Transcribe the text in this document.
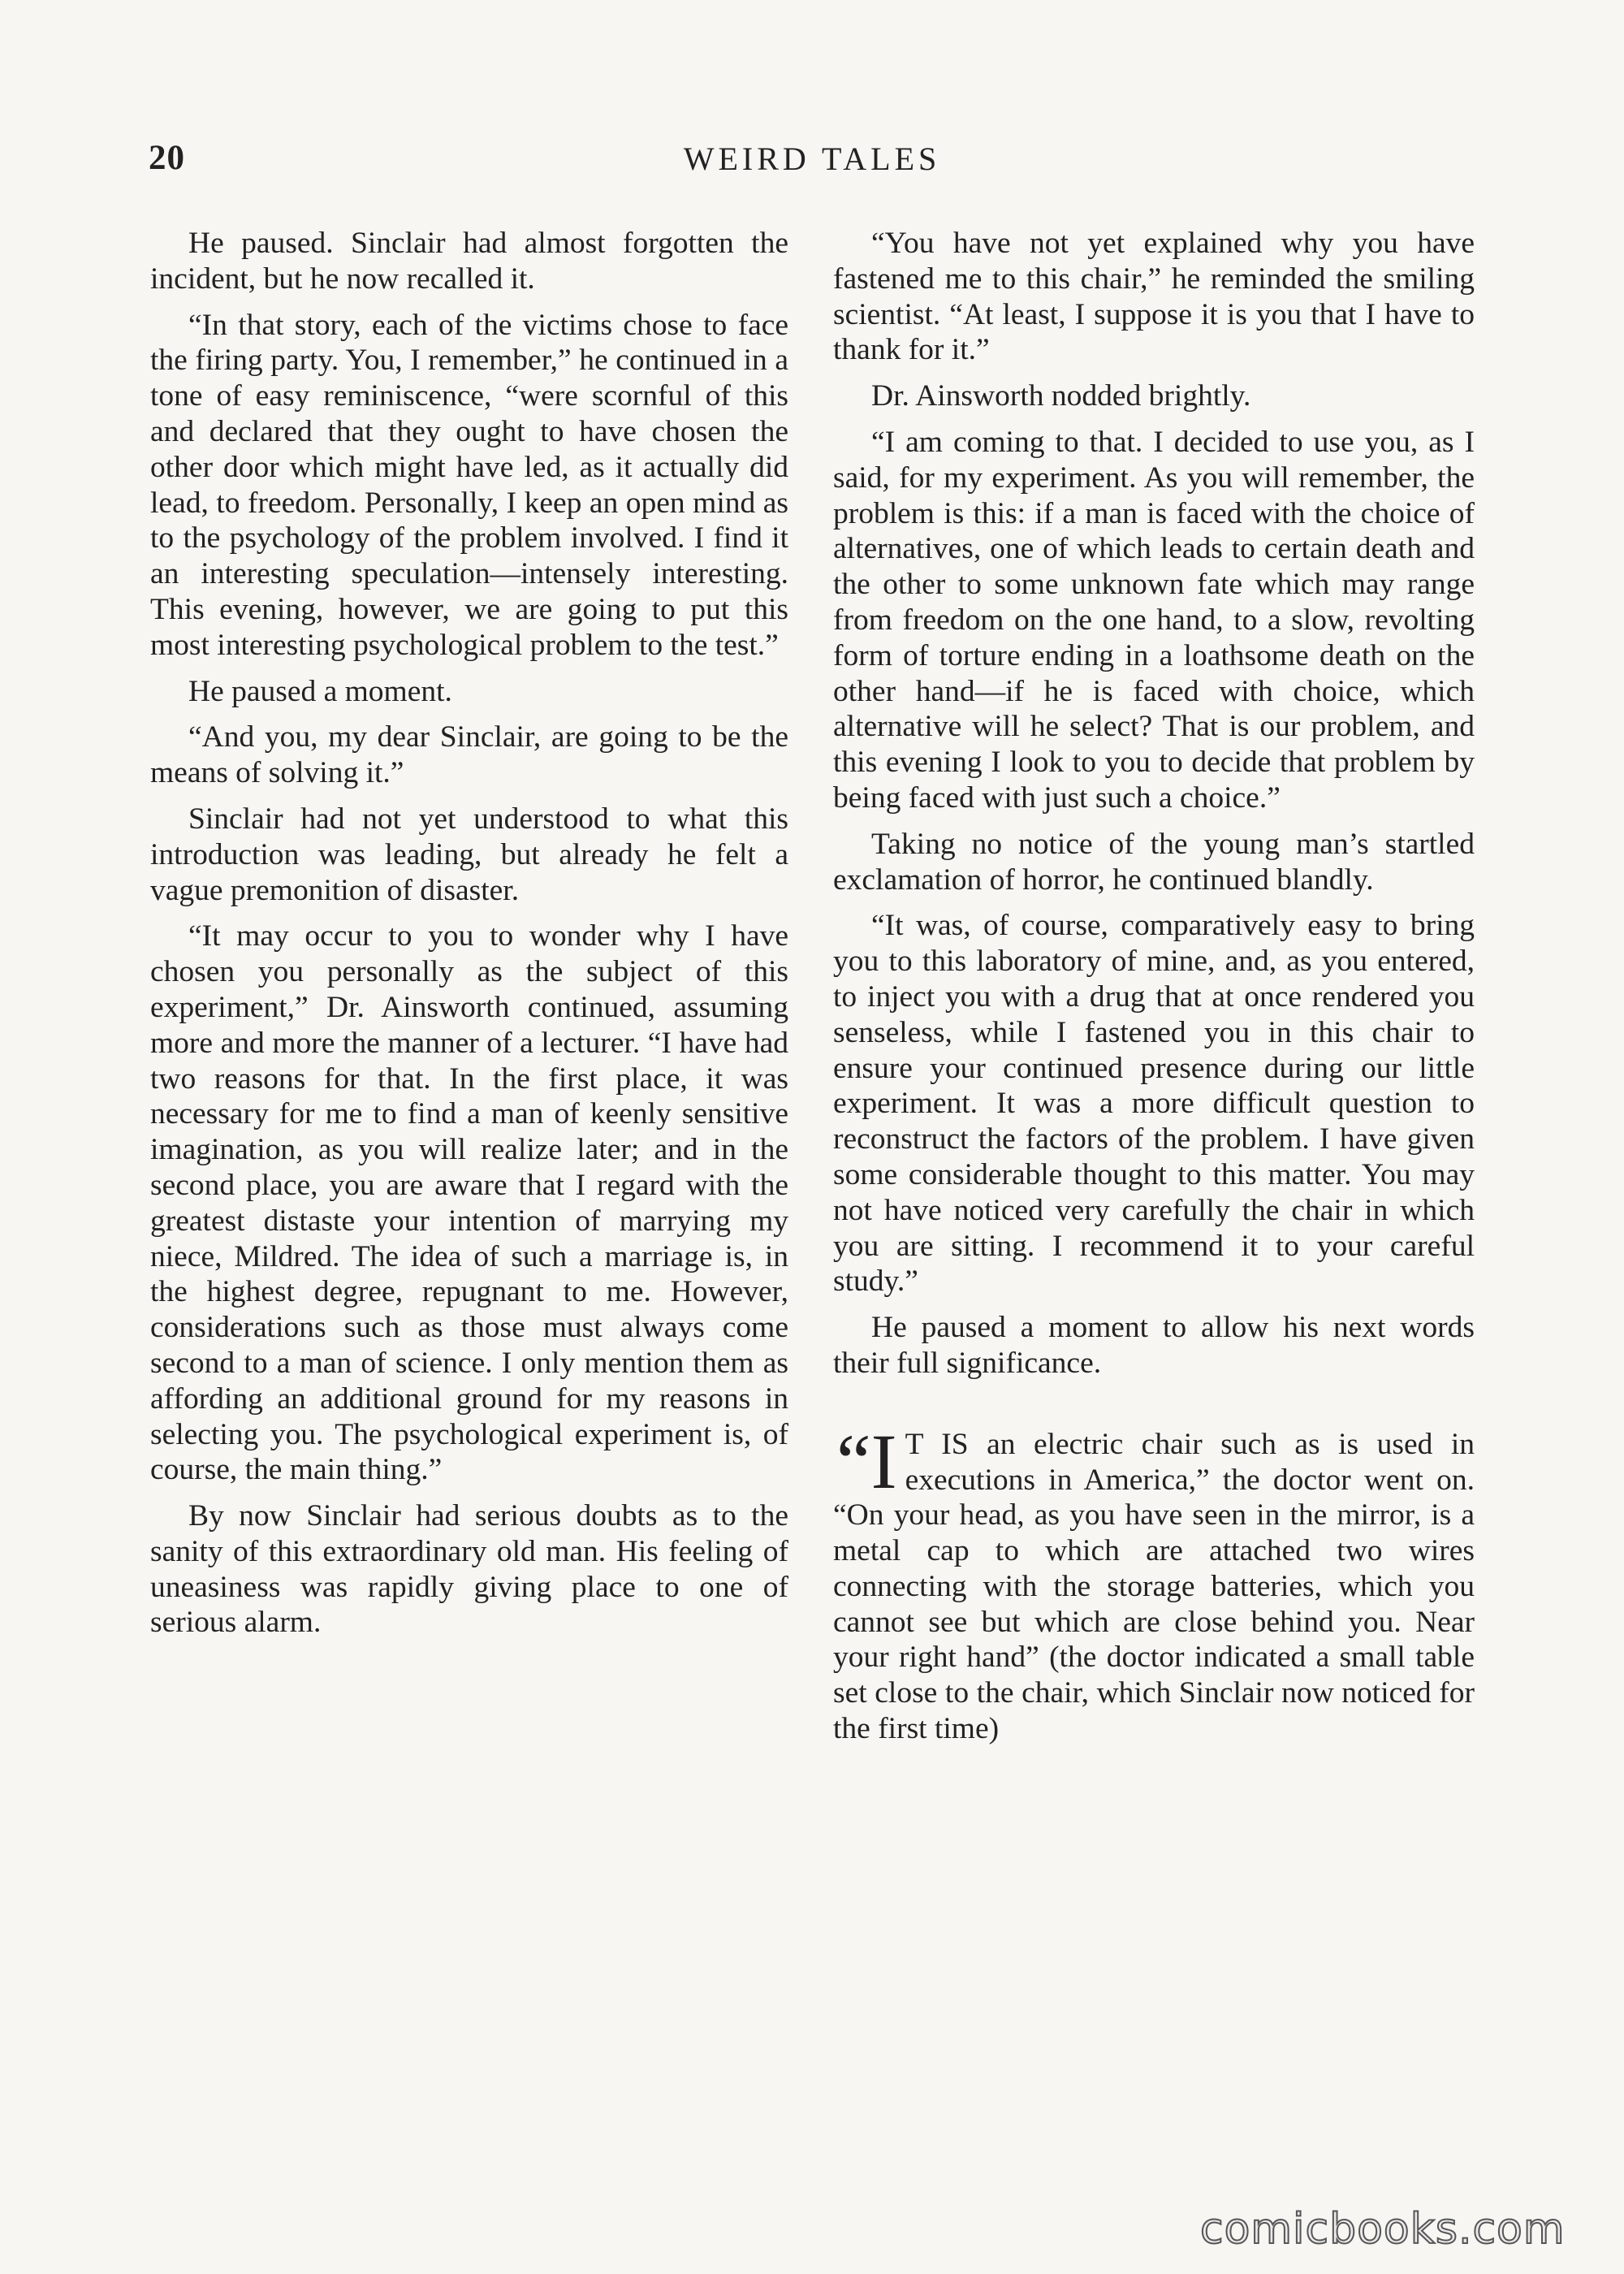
20	WEIRD TALES

He paused. Sinclair had almost forgotten the incident, but he now recalled it.

“In that story, each of the victims chose to face the firing party. You, I remember,” he continued in a tone of easy reminiscence, “were scornful of this and declared that they ought to have chosen the other door which might have led, as it actually did lead, to freedom. Personally, I keep an open mind as to the psychology of the problem involved. I find it an interesting speculation—intensely interesting. This evening, however, we are going to put this most interesting psychological problem to the test.”

He paused a moment.

“And you, my dear Sinclair, are going to be the means of solving it.”

Sinclair had not yet understood to what this introduction was leading, but already he felt a vague premonition of disaster.

“It may occur to you to wonder why I have chosen you personally as the subject of this experiment,” Dr. Ainsworth continued, assuming more and more the manner of a lecturer. “I have had two reasons for that. In the first place, it was necessary for me to find a man of keenly sensitive imagination, as you will realize later; and in the second place, you are aware that I regard with the greatest distaste your intention of marrying my niece, Mildred. The idea of such a marriage is, in the highest degree, repugnant to me. However, considerations such as those must always come second to a man of science. I only mention them as affording an additional ground for my reasons in selecting you. The psychological experiment is, of course, the main thing.”

By now Sinclair had serious doubts as to the sanity of this extraordinary old man. His feeling of uneasiness was rapidly giving place to one of serious alarm.

“You have not yet explained why you have fastened me to this chair,” he reminded the smiling scientist. “At least, I suppose it is you that I have to thank for it.”

Dr. Ainsworth nodded brightly.

“I am coming to that. I decided to use you, as I said, for my experiment. As you will remember, the problem is this: if a man is faced with the choice of alternatives, one of which leads to certain death and the other to some unknown fate which may range from freedom on the one hand, to a slow, revolting form of torture ending in a loathsome death on the other hand—if he is faced with choice, which alternative will he select? That is our problem, and this evening I look to you to decide that problem by being faced with just such a choice.”

Taking no notice of the young man’s startled exclamation of horror, he continued blandly.

“It was, of course, comparatively easy to bring you to this laboratory of mine, and, as you entered, to inject you with a drug that at once rendered you senseless, while I fastened you in this chair to ensure your continued presence during our little experiment. It was a more difficult question to reconstruct the factors of the problem. I have given some considerable thought to this matter. You may not have noticed very carefully the chair in which you are sitting. I recommend it to your careful study.”

He paused a moment to allow his next words their full significance.

“I T IS an electric chair such as is used in executions in America,” the doctor went on. “On your head, as you have seen in the mirror, is a metal cap to which are attached two wires connecting with the storage batteries, which you cannot see but which are close behind you. Near your right hand” (the doctor indicated a small table set close to the chair, which Sinclair now noticed for the first time)

comicbooks.com
